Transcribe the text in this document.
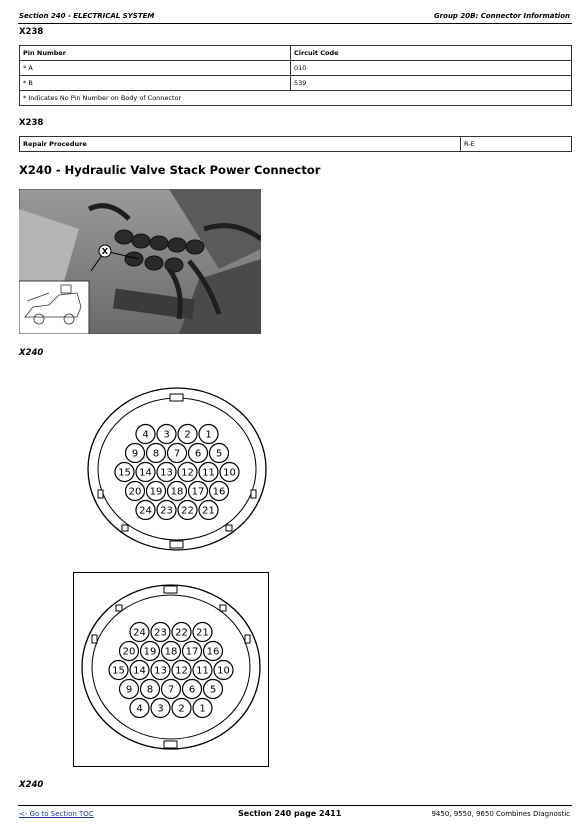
Section 240 - ELECTRICAL SYSTEM	Group 20B: Connector Information
X238
Pin Number	Circuit Code
* A	010
* B	539
* Indicates No Pin Number on Body of Connector	
X238
Repair Procedure	R-E
X240 - Hydraulic Valve Stack Power Connector
X
X240
4 3 2 1
9 8 7 6 5
15 14 13 12 11 10
20 19 18 17 16
24 23 22 21
24 23 22 21
20 19 18 17 16
15 14 13 12 11 10
9 8 7 6 5
4 3 2 1
X240
<- Go to Section TOC	Section 240 page 2411	9450, 9550, 9650 Combines Diagnostic
